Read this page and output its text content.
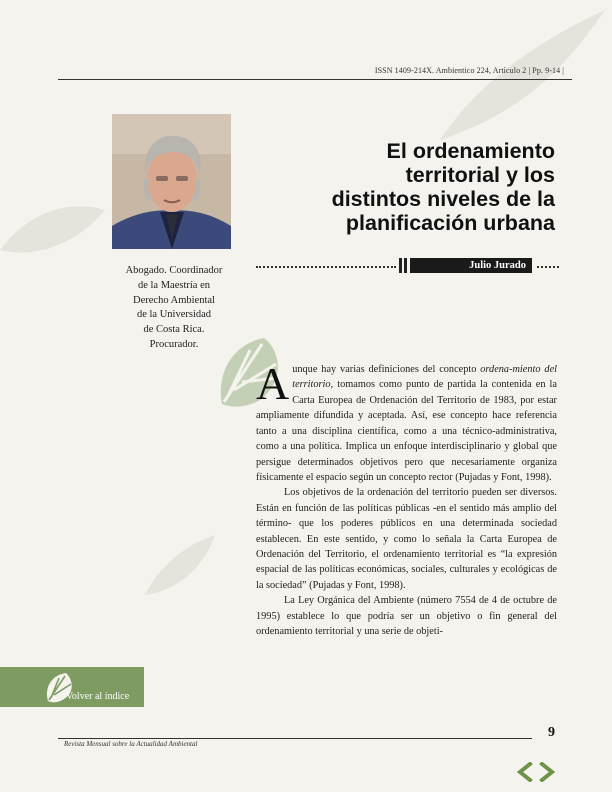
ISSN 1409-214X. Ambientico 224, Artículo 2 | Pp. 9-14 |
El ordenamiento
territorial y los
distintos niveles de la
planificación urbana
Julio Jurado
Abogado. Coordinador
de la Maestría en
Derecho Ambiental
de la Universidad
de Costa Rica.
Procurador.

Aunque hay varias definiciones del concepto ordena-miento del territorio, tomamos como punto de partida la contenida en la Carta Europea de Ordenación del Territorio de 1983, por estar ampliamente difundida y aceptada. Así, ese concepto hace referencia tanto a una disciplina científica, como a una técnico-administrativa, como a una política. Implica un enfoque interdisciplinario y global que persigue determinados objetivos pero que necesariamente organiza físicamente el espacio según un concepto rector (Pujadas y Font, 1998).

Los objetivos de la ordenación del territorio pueden ser diversos. Están en función de las políticas públicas -en el sentido más amplio del término- que los poderes públicos en una determinada sociedad establecen. En este sentido, y como lo señala la Carta Europea de Ordenación del Territorio, el ordenamiento territorial es “la expresión espacial de las políticas económicas, sociales, culturales y ecológicas de la sociedad” (Pujadas y Font, 1998).

La Ley Orgánica del Ambiente (número 7554 de 4 de octubre de 1995) establece lo que podría ser un objetivo o fin general del ordenamiento territorial y una serie de objeti-

Volver al índice
9
Revista Mensual sobre la Actualidad Ambiental
